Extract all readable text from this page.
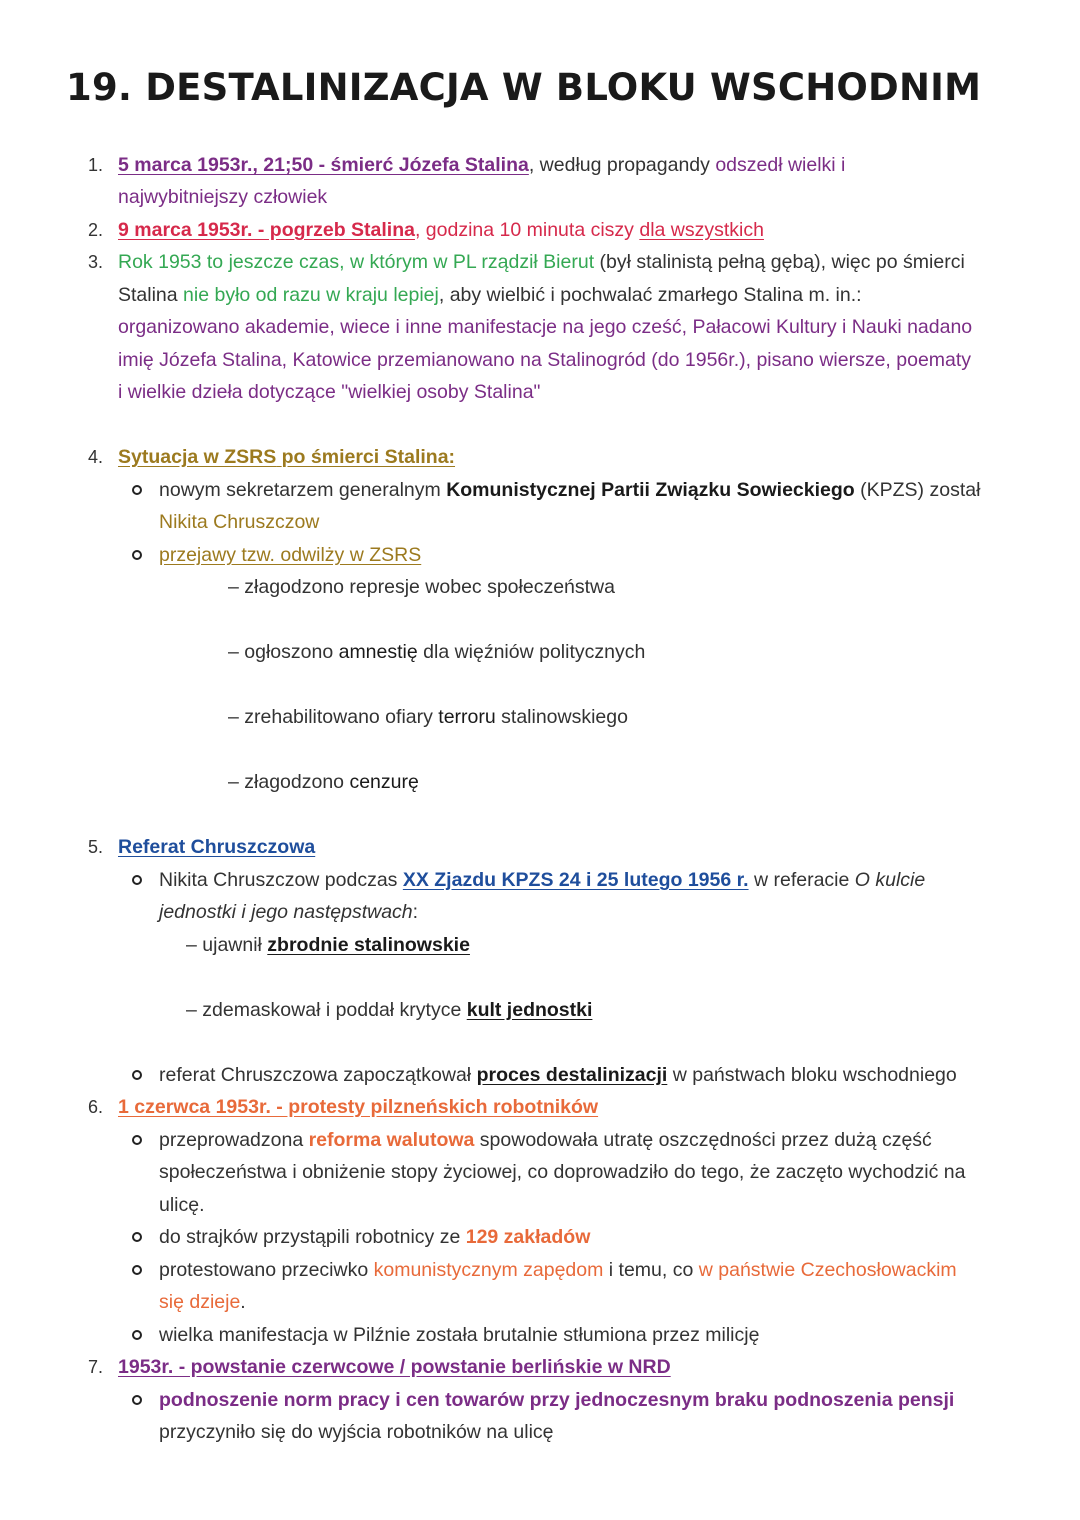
19. DESTALINIZACJA W BLOKU WSCHODNIM
1. 5 marca 1953r., 21;50 - śmierć Józefa Stalina, według propagandy odszedł wielki i
najwybitniejszy człowiek
2. 9 marca 1953r. - pogrzeb Stalina, godzina 10 minuta ciszy dla wszystkich
3. Rok 1953 to jeszcze czas, w którym w PL rządził Bierut (był stalinistą pełną gębą), więc po śmierci
Stalina nie było od razu w kraju lepiej, aby wielbić i pochwalać zmarłego Stalina m. in.:
organizowano akademie, wiece i inne manifestacje na jego cześć, Pałacowi Kultury i Nauki nadano
imię Józefa Stalina, Katowice przemianowano na Stalinogród (do 1956r.), pisano wiersze, poematy
i wielkie dzieła dotyczące "wielkiej osoby Stalina"
4. Sytuacja w ZSRS po śmierci Stalina:
nowym sekretarzem generalnym Komunistycznej Partii Związku Sowieckiego (KPZS) został
Nikita Chruszczow
przejawy tzw. odwilży w ZSRS
– złagodzono represje wobec społeczeństwa
– ogłoszono amnestię dla więźniów politycznych
– zrehabilitowano ofiary terroru stalinowskiego
– złagodzono cenzurę
5. Referat Chruszczowa
Nikita Chruszczow podczas XX Zjazdu KPZS 24 i 25 lutego 1956 r. w referacie O kulcie
jednostki i jego następstwach:
– ujawnił zbrodnie stalinowskie
– zdemaskował i poddał krytyce kult jednostki
referat Chruszczowa zapoczątkował proces destalinizacji w państwach bloku wschodniego
6. 1 czerwca 1953r. - protesty pilzneńskich robotników
przeprowadzona reforma walutowa spowodowała utratę oszczędności przez dużą część
społeczeństwa i obniżenie stopy życiowej, co doprowadziło do tego, że zaczęto wychodzić na
ulicę.
do strajków przystąpili robotnicy ze 129 zakładów
protestowano przeciwko komunistycznym zapędom i temu, co w państwie Czechosłowackim
się dzieje.
wielka manifestacja w Pilźnie została brutalnie stłumiona przez milicję
7. 1953r. - powstanie czerwcowe / powstanie berlińskie w NRD
podnoszenie norm pracy i cen towarów przy jednoczesnym braku podnoszenia pensji
przyczyniło się do wyjścia robotników na ulicę
